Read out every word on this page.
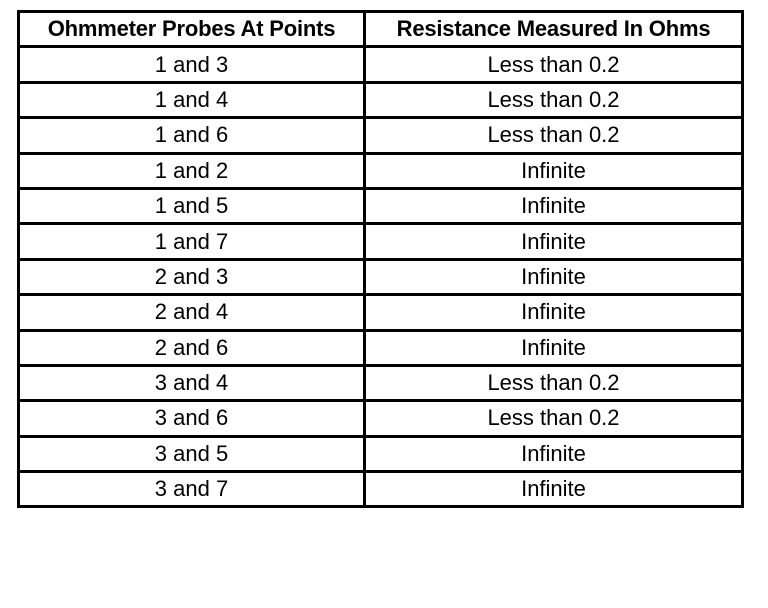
Ohmmeter Probes At Points	Resistance Measured In Ohms
1 and 3	Less than 0.2
1 and 4	Less than 0.2
1 and 6	Less than 0.2
1 and 2	Infinite
1 and 5	Infinite
1 and 7	Infinite
2 and 3	Infinite
2 and 4	Infinite
2 and 6	Infinite
3 and 4	Less than 0.2
3 and 6	Less than 0.2
3 and 5	Infinite
3 and 7	Infinite
